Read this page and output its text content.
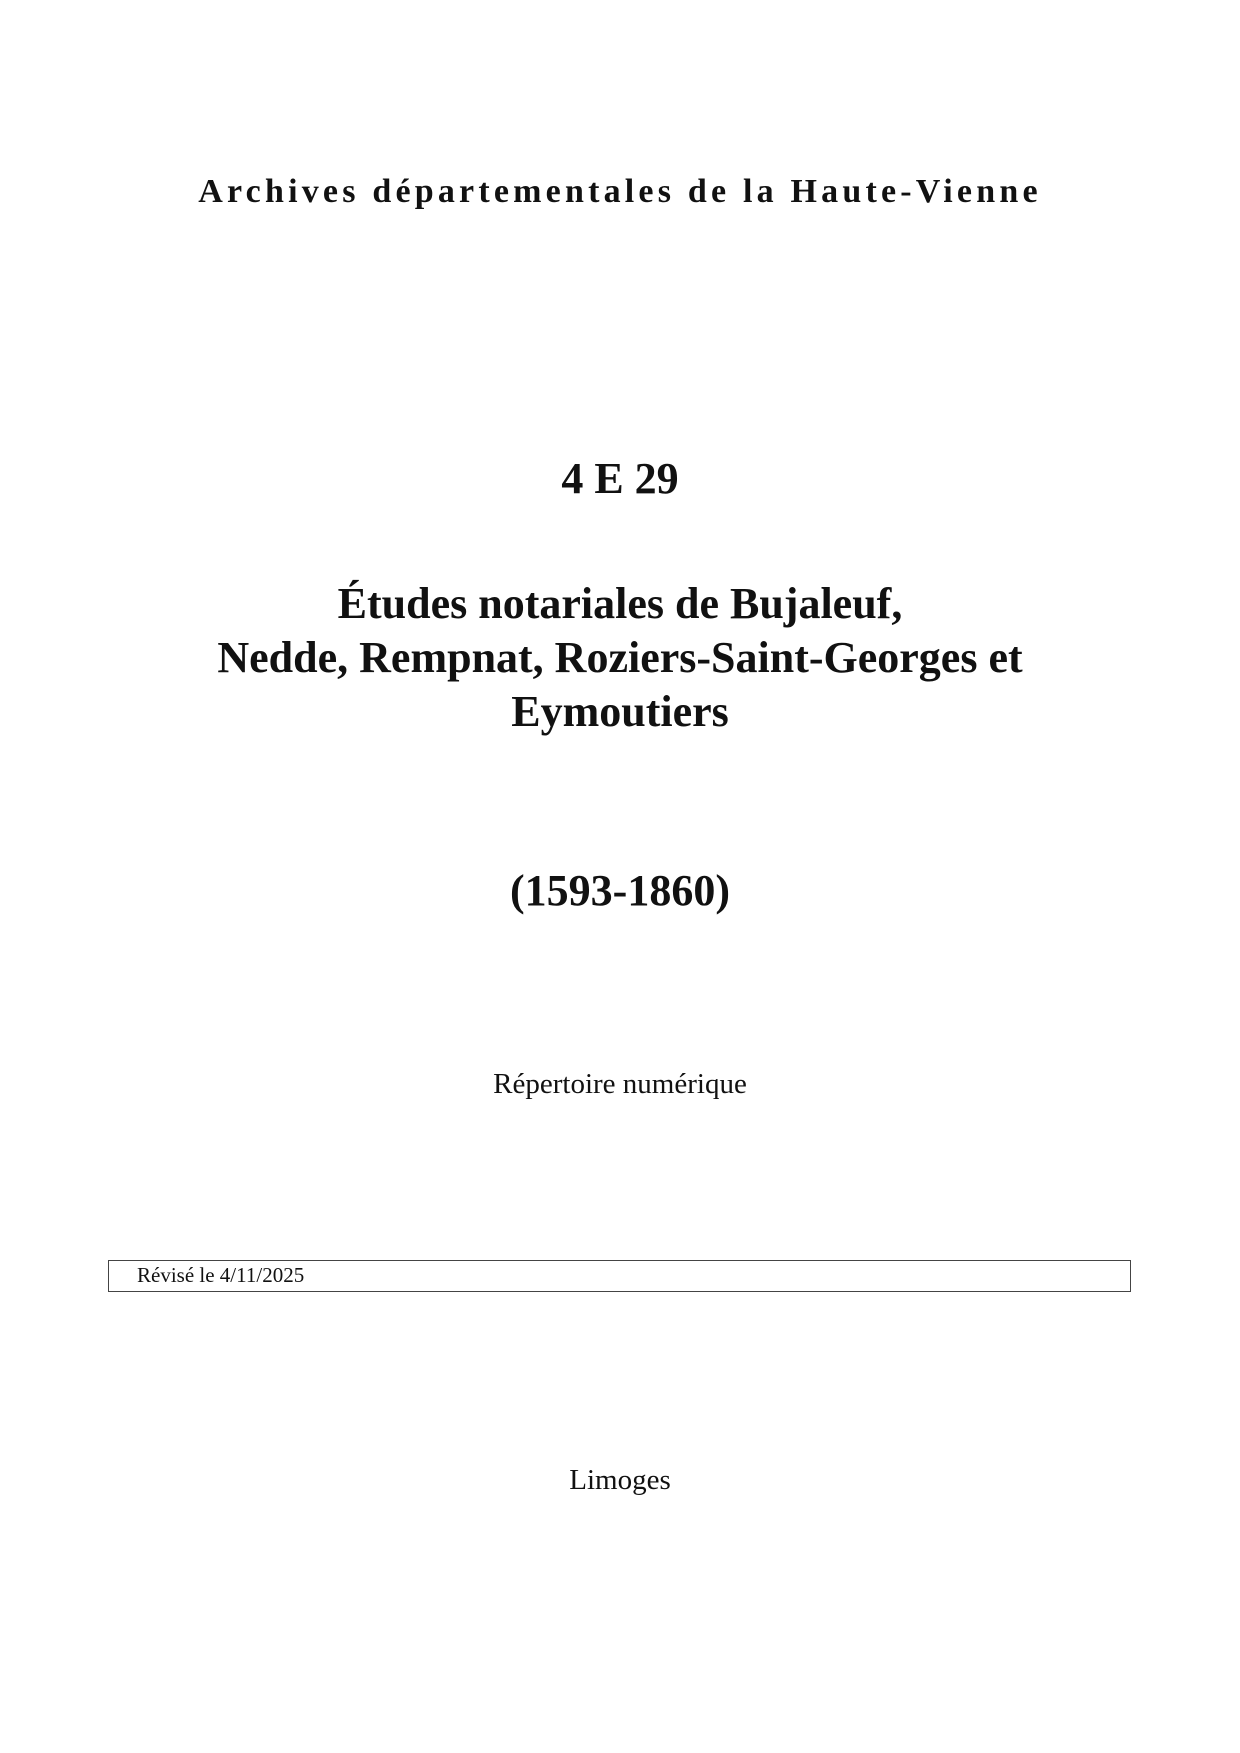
Archives départementales de la Haute-Vienne
4 E 29
Études notariales de Bujaleuf,
Nedde, Rempnat, Roziers-Saint-Georges et
Eymoutiers
(1593-1860)
Répertoire numérique
Révisé le 4/11/2025
Limoges
